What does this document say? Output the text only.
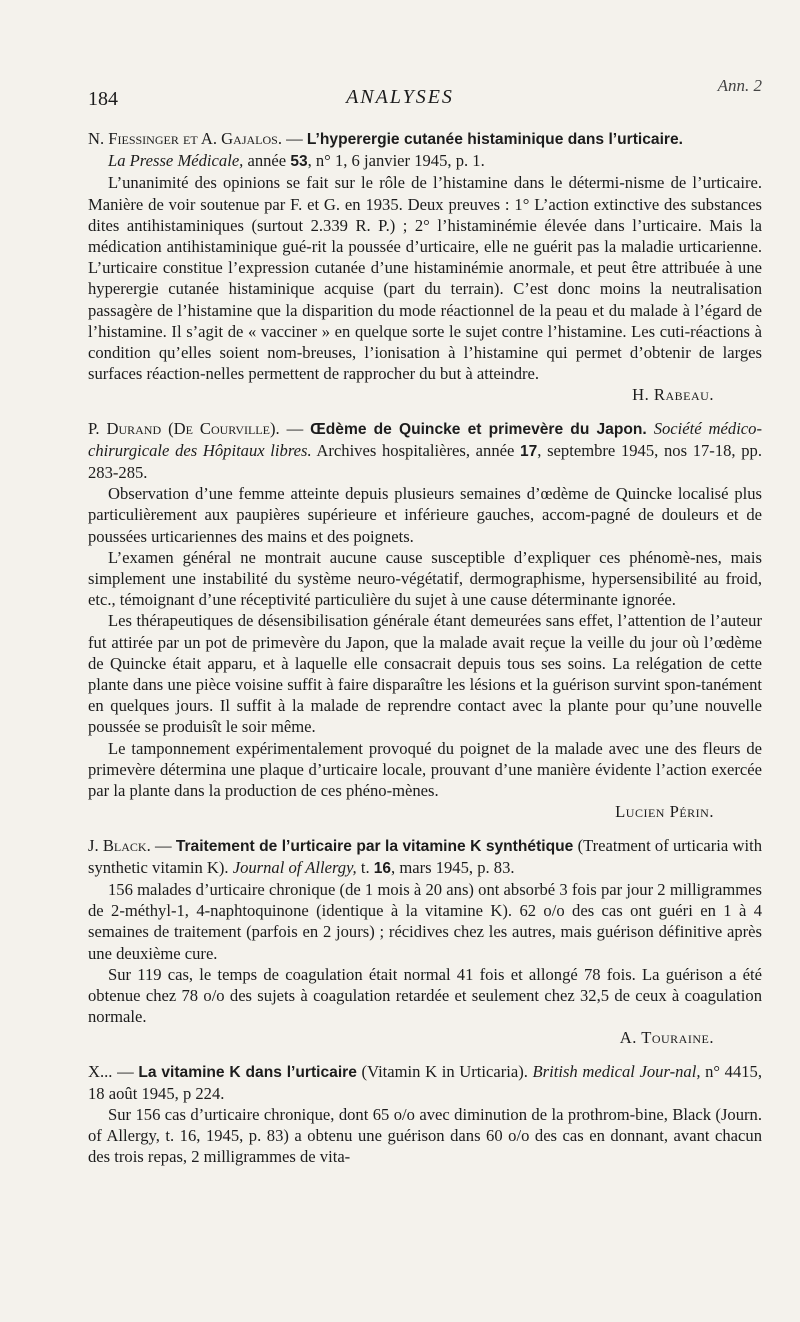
Ann. 2
184	ANALYSES

N. Fiessinger et A. Gajalos. — L’hyperergie cutanée histaminique dans l’urticaire.

La Presse Médicale, année 53, n° 1, 6 janvier 1945, p. 1.

L’unanimité des opinions se fait sur le rôle de l’histamine dans le détermi-nisme de l’urticaire. Manière de voir soutenue par F. et G. en 1935. Deux preuves : 1° L’action extinctive des substances dites antihistaminiques (surtout 2.339 R. P.) ; 2° l’histaminémie élevée dans l’urticaire. Mais la médication antihistaminique gué-rit la poussée d’urticaire, elle ne guérit pas la maladie urticarienne. L’urticaire constitue l’expression cutanée d’une histaminémie anormale, et peut être attribuée à une hyperergie cutanée histaminique acquise (part du terrain). C’est donc moins la neutralisation passagère de l’histamine que la disparition du mode réactionnel de la peau et du malade à l’égard de l’histamine. Il s’agit de « vacciner » en quelque sorte le sujet contre l’histamine. Les cuti-réactions à condition qu’elles soient nom-breuses, l’ionisation à l’histamine qui permet d’obtenir de larges surfaces réaction-nelles permettent de rapprocher du but à atteindre.

H. Rabeau.

P. Durand (De Courville). — Œdème de Quincke et primevère du Japon. Société médico-chirurgicale des Hôpitaux libres. Archives hospitalières, année 17, septembre 1945, nos 17-18, pp. 283-285.

Observation d’une femme atteinte depuis plusieurs semaines d’œdème de Quincke localisé plus particulièrement aux paupières supérieure et inférieure gauches, accom-pagné de douleurs et de poussées urticariennes des mains et des poignets.

L’examen général ne montrait aucune cause susceptible d’expliquer ces phénomè-nes, mais simplement une instabilité du système neuro-végétatif, dermographisme, hypersensibilité au froid, etc., témoignant d’une réceptivité particulière du sujet à une cause déterminante ignorée.

Les thérapeutiques de désensibilisation générale étant demeurées sans effet, l’attention de l’auteur fut attirée par un pot de primevère du Japon, que la malade avait reçue la veille du jour où l’œdème de Quincke était apparu, et à laquelle elle consacrait depuis tous ses soins. La relégation de cette plante dans une pièce voisine suffit à faire disparaître les lésions et la guérison survint spon-tanément en quelques jours. Il suffit à la malade de reprendre contact avec la plante pour qu’une nouvelle poussée se produisît le soir même.

Le tamponnement expérimentalement provoqué du poignet de la malade avec une des fleurs de primevère détermina une plaque d’urticaire locale, prouvant d’une manière évidente l’action exercée par la plante dans la production de ces phéno-mènes.

Lucien Périn.

J. Black. — Traitement de l’urticaire par la vitamine K synthétique (Treatment of urticaria with synthetic vitamin K). Journal of Allergy, t. 16, mars 1945, p. 83.

156 malades d’urticaire chronique (de 1 mois à 20 ans) ont absorbé 3 fois par jour 2 milligrammes de 2-méthyl-1, 4-naphtoquinone (identique à la vitamine K). 62 o/o des cas ont guéri en 1 à 4 semaines de traitement (parfois en 2 jours) ; récidives chez les autres, mais guérison définitive après une deuxième cure.

Sur 119 cas, le temps de coagulation était normal 41 fois et allongé 78 fois. La guérison a été obtenue chez 78 o/o des sujets à coagulation retardée et seulement chez 32,5 de ceux à coagulation normale.

A. Touraine.

X... — La vitamine K dans l’urticaire (Vitamin K in Urticaria). British medical Jour-nal, n° 4415, 18 août 1945, p 224.

Sur 156 cas d’urticaire chronique, dont 65 o/o avec diminution de la prothrom-bine, Black (Journ. of Allergy, t. 16, 1945, p. 83) a obtenu une guérison dans 60 o/o des cas en donnant, avant chacun des trois repas, 2 milligrammes de vita-
